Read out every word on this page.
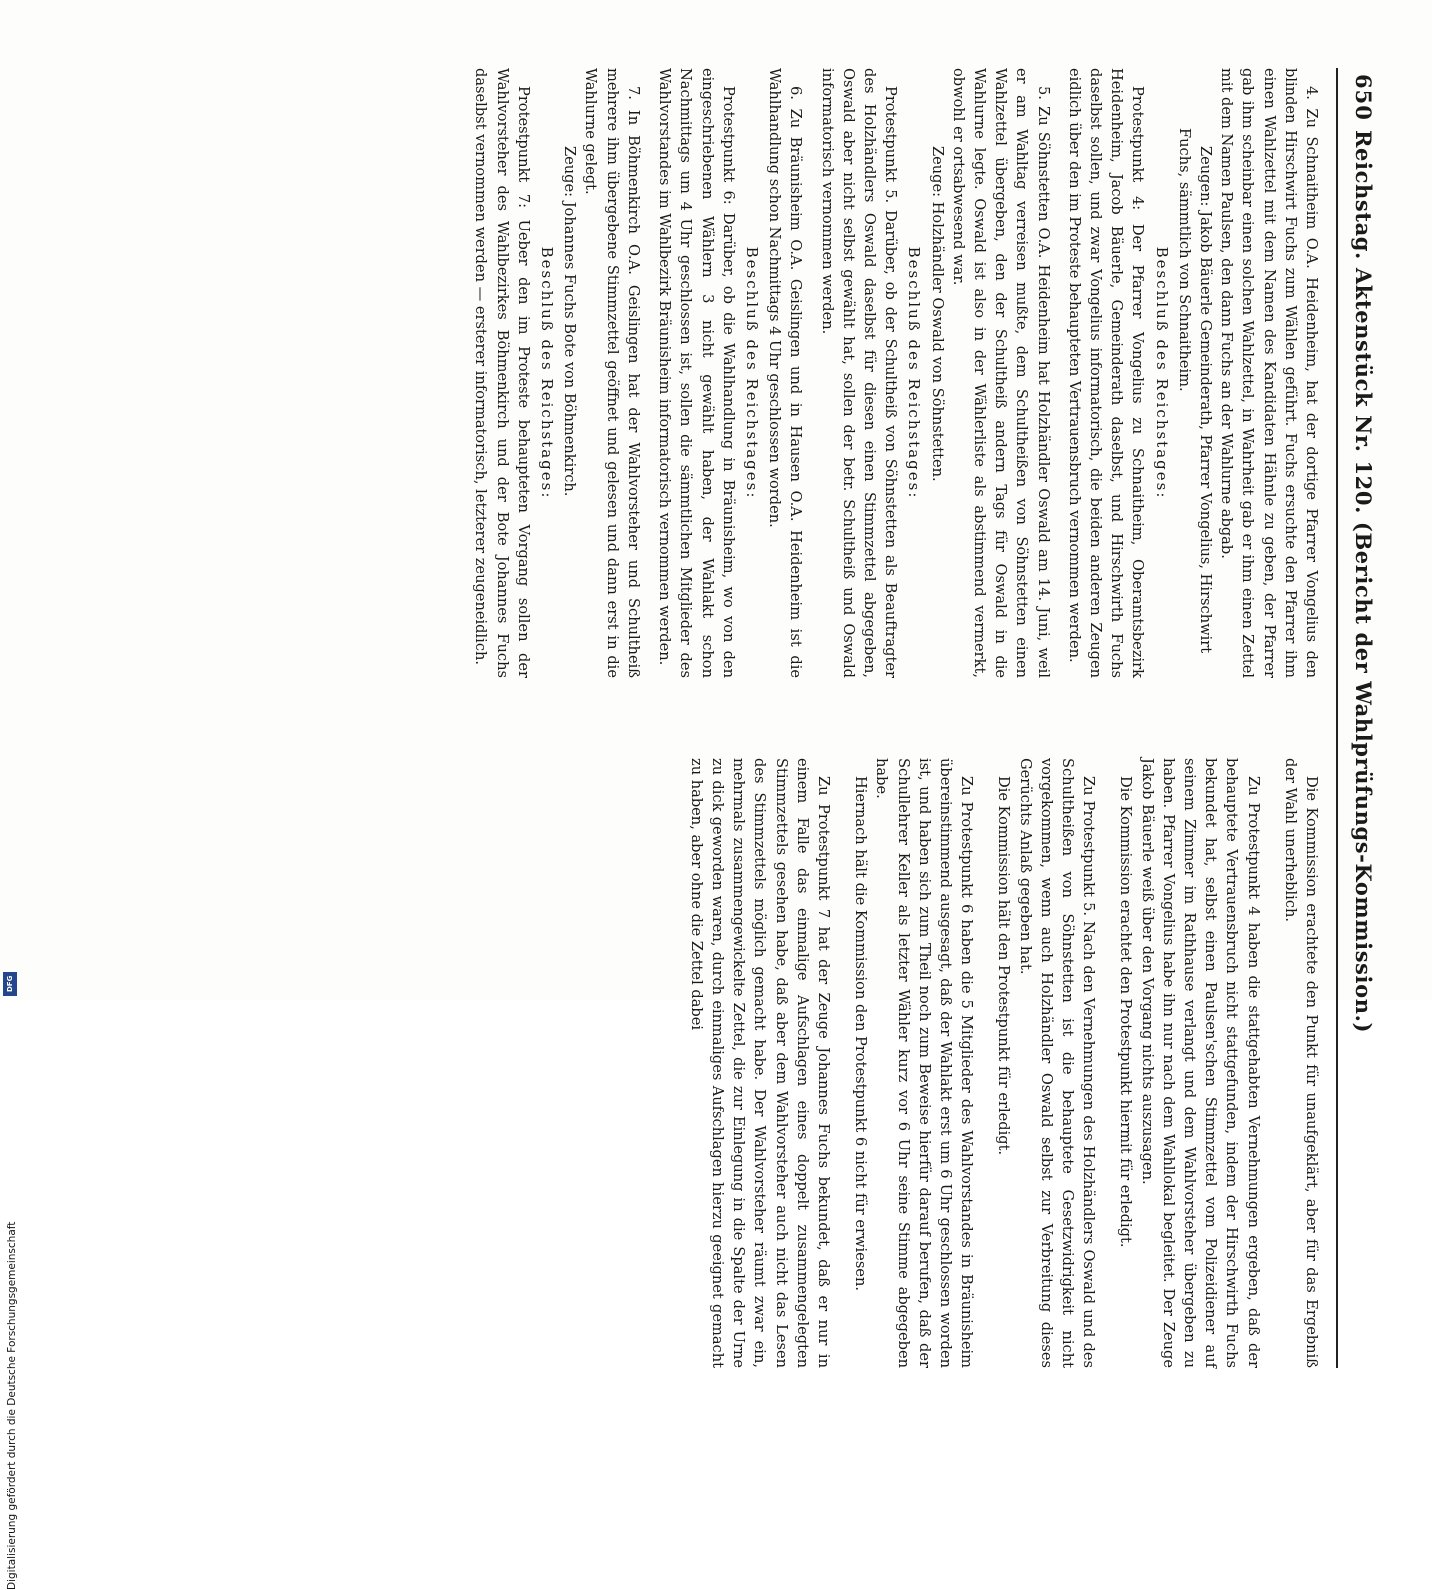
650
Reichstag. Aktenstück Nr. 120. (Bericht der Wahlprüfungs-Kommission.)

4. Zu Schnaitheim O.A. Heidenheim, hat der dortige Pfarrer Vongelius den blinden Hirschwirt Fuchs zum Wählen geführt. Fuchs ersuchte den Pfarrer ihm einen Wahlzettel mit dem Namen des Kandidaten Hähnle zu geben, der Pfarrer gab ihm scheinbar einen solchen Wahlzettel, in Wahrheit gab er ihm einen Zettel mit dem Namen Paulsen, den dann Fuchs an der Wahlurne abgab.

Zeugen: Jakob Bäuerle Gemeinderath, Pfarrer Vongelius, Hirschwirt Fuchs, sämmtlich von Schnaitheim.

Beschluß des Reichstages:

Protestpunkt 4: Der Pfarrer Vongelius zu Schnaitheim, Oberamtsbezirk Heidenheim, Jacob Bäuerle, Gemeinderath daselbst, und Hirschwirth Fuchs daselbst sollen, und zwar Vongelius informatorisch, die beiden anderen Zeugen eidlich über den im Proteste behaupteten Vertrauensbruch vernommen werden.

5. Zu Söhnstetten O.A. Heidenheim hat Holzhändler Oswald am 14. Juni, weil er am Wahltag verreisen mußte, dem Schultheißen von Söhnstetten einen Wahlzettel übergeben, den der Schultheiß andern Tags für Oswald in die Wahlurne legte. Oswald ist also in der Wählerliste als abstimmend vermerkt, obwohl er ortsabwesend war.

Zeuge: Holzhändler Oswald von Söhnstetten.

Beschluß des Reichstages:

Protestpunkt 5. Darüber, ob der Schultheiß von Söhnstetten als Beauftragter des Holzhändlers Oswald daselbst für diesen einen Stimmzettel abgegeben, Oswald aber nicht selbst gewählt hat, sollen der betr. Schultheiß und Oswald informatorisch vernommen werden.

6. Zu Bräunisheim O.A. Geislingen und in Hausen O.A. Heidenheim ist die Wahlhandlung schon Nachmittags 4 Uhr geschlossen worden.

Beschluß des Reichstages:

Protestpunkt 6: Darüber, ob die Wahlhandlung in Bräunisheim, wo von den eingeschriebenen Wählern 3 nicht gewählt haben, der Wahlakt schon Nachmittags um 4 Uhr geschlossen ist, sollen die sämmtlichen Mitglieder des Wahlvorstandes im Wahlbezirk Bräunisheim informatorisch vernommen werden.

7. In Böhmenkirch O.A. Geislingen hat der Wahlvorsteher und Schultheiß mehrere ihm übergebene Stimmzettel geöffnet und gelesen und dann erst in die Wahlurne gelegt.

Zeuge: Johannes Fuchs Bote von Böhmenkirch.

Beschluß des Reichstages:

Protestpunkt 7: Ueber den im Proteste behaupteten Vorgang sollen der Wahlvorsteher des Wahlbezirkes Böhmenkirch und der Bote Johannes Fuchs daselbst vernommen werden — ersterer informatorisch, letzterer zeugeneidlich.

Die Kommission erachtete den Punkt für unaufgeklärt, aber für das Ergebniß der Wahl unerheblich.

Zu Protestpunkt 4 haben die stattgehabten Vernehmungen ergeben, daß der behauptete Vertrauensbruch nicht stattgefunden, indem der Hirschwirth Fuchs bekundet hat, selbst einen Paulsen'schen Stimmzettel vom Polizeidiener auf seinem Zimmer im Rathhause verlangt und dem Wahlvorsteher übergeben zu haben. Pfarrer Vongelius habe ihn nur nach dem Wahllokal begleitet. Der Zeuge Jakob Bäuerle weiß über den Vorgang nichts auszusagen.

Die Kommission erachtet den Protestpunkt hiermit für erledigt.

Zu Protestpunkt 5. Nach den Vernehmungen des Holzhändlers Oswald und des Schultheißen von Söhnstetten ist die behauptete Gesetzwidrigkeit nicht vorgekommen, wenn auch Holzhändler Oswald selbst zur Verbreitung dieses Gerüchts Anlaß gegeben hat.

Die Kommission hält den Protestpunkt für erledigt.

Zu Protestpunkt 6 haben die 5 Mitglieder des Wahlvorstandes in Bräunisheim übereinstimmend ausgesagt, daß der Wahlakt erst um 6 Uhr geschlossen worden ist, und haben sich zum Theil noch zum Beweise hierfür darauf berufen, daß der Schullehrer Keller als letzter Wähler kurz vor 6 Uhr seine Stimme abgegeben habe.

Hiernach hält die Kommission den Protestpunkt 6 nicht für erwiesen.

Zu Protestpunkt 7 hat der Zeuge Johannes Fuchs bekundet, daß er nur in einem Falle das einmalige Aufschlagen eines doppelt zusammengelegten Stimmzettels gesehen habe, daß aber dem Wahlvorsteher auch nicht das Lesen des Stimmzettels möglich gemacht habe. Der Wahlvorsteher räumt zwar ein, mehrmals zusammengewickelte Zettel, die zur Einlegung in die Spalte der Urne zu dick geworden waren, durch einmaliges Aufschlagen hierzu geeignet gemacht zu haben, aber ohne die Zettel dabei

Digitalisierung gefördert durch die Deutsche Forschungsgemeinschaft
DFG
